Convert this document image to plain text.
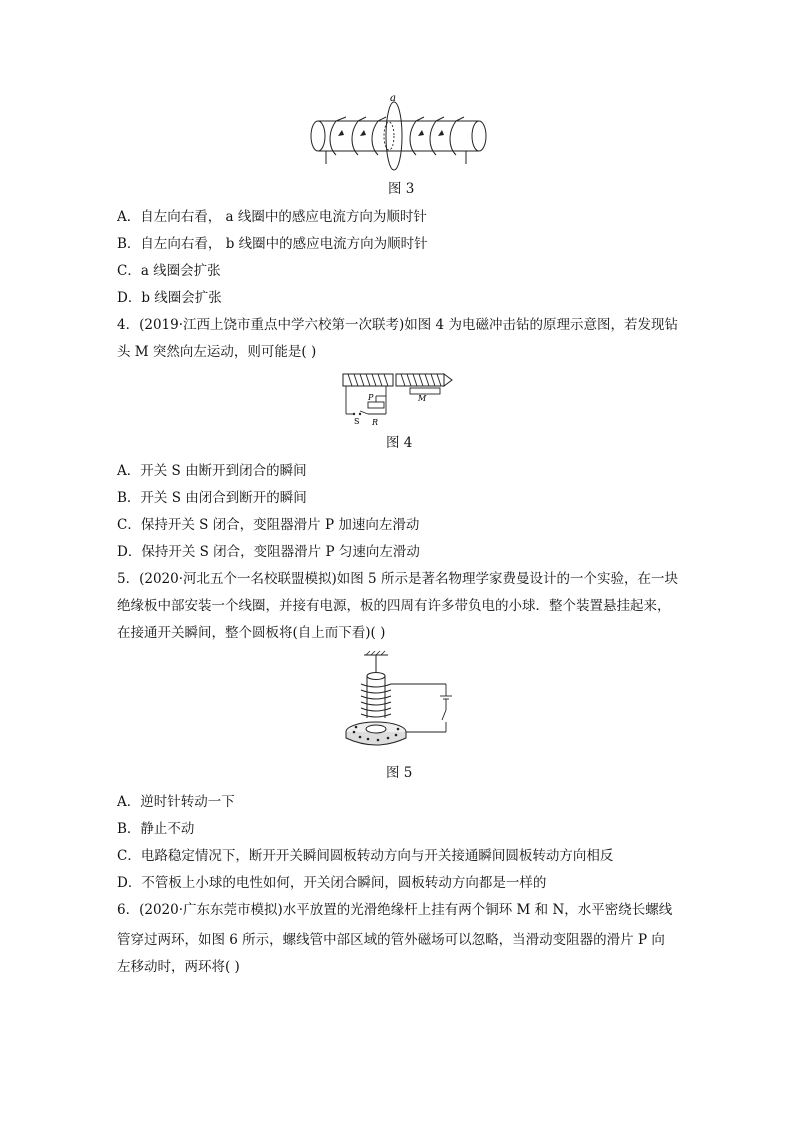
a
图 3
A．自左向右看， a 线圈中的感应电流方向为顺时针
B．自左向右看， b 线圈中的感应电流方向为顺时针
C．a 线圈会扩张
D．b 线圈会扩张
4．(2019·江西上饶市重点中学六校第一次联考)如图 4 为电磁冲击钻的原理示意图，若发现钻
头 M 突然向左运动，则可能是( )
M
P
S R
图 4
A．开关 S 由断开到闭合的瞬间
B．开关 S 由闭合到断开的瞬间
C．保持开关 S 闭合，变阻器滑片 P 加速向左滑动
D．保持开关 S 闭合，变阻器滑片 P 匀速向左滑动
5．(2020·河北五个一名校联盟模拟)如图 5 所示是著名物理学家费曼设计的一个实验，在一块
绝缘板中部安装一个线圈，并接有电源，板的四周有许多带负电的小球．整个装置悬挂起来，
在接通开关瞬间，整个圆板将(自上而下看)( )
图 5
A．逆时针转动一下
B．静止不动
C．电路稳定情况下，断开开关瞬间圆板转动方向与开关接通瞬间圆板转动方向相反
D．不管板上小球的电性如何，开关闭合瞬间，圆板转动方向都是一样的
6．(2020·广东东莞市模拟)水平放置的光滑绝缘杆上挂有两个铜环 M 和 N，水平密绕长螺线
管穿过两环，如图 6 所示，螺线管中部区域的管外磁场可以忽略，当滑动变阻器的滑片 P 向
左移动时，两环将( )
